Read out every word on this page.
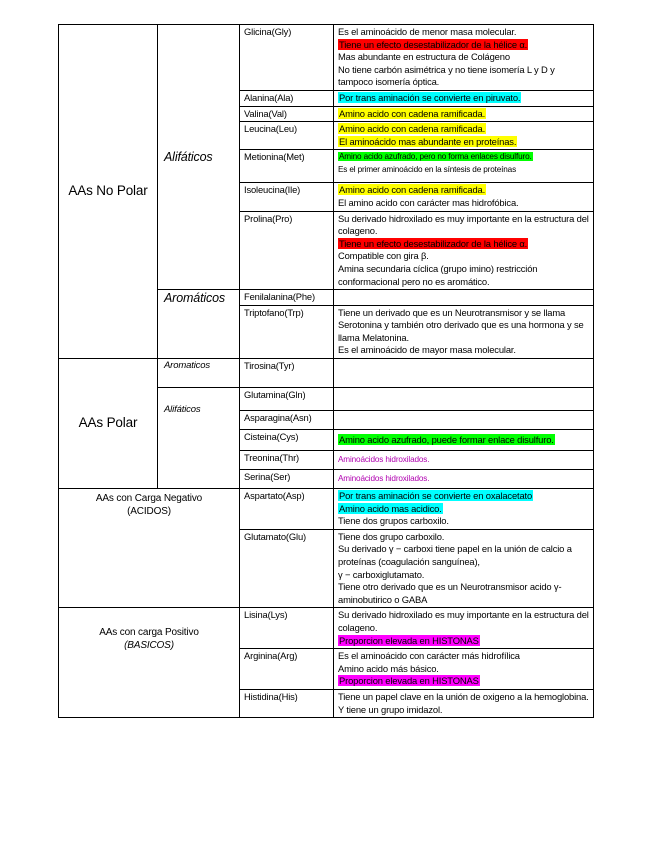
AAs No Polar	Alifáticos	Glicina(Gly)	Es el aminoácido de menor masa molecular.
Tiene un efecto desestabilizador de la hélice α.
Mas abundante en estructura de Colágeno
No tiene carbón asimétrica y no tiene isomería L y D y tampoco isomería óptica.

		Alanina(Ala)	Por trans aminación se convierte en piruvato.

		Valina(Val)	Amino acido con cadena ramificada.

		Leucina(Leu)	Amino acido con cadena ramificada.
El aminoácido mas abundante en proteínas.

		Metionina(Met)	Amino acido azufrado, pero no forma enlaces disulfuro.
Es el primer aminoácido en la síntesis de proteínas

		Isoleucina(Ile)	Amino acido con cadena ramificada.
El amino acido con carácter mas hidrofóbica.

		Prolina(Pro)	Su derivado hidroxilado es muy importante en la estructura del colageno.
Tiene un efecto desestabilizador de la hélice α.
Compatible con gira β.
Amina secundaria cíclica (grupo imino) restricción conformacional pero no es aromático.

	Aromáticos	Fenilalanina(Phe)	
		Triptofano(Trp)	Tiene un derivado que es un Neurotransmisor y se llama Serotonina y también otro derivado que es una hormona y se llama Melatonina.
Es el aminoácido de mayor masa molecular.

AAs Polar	Aromaticos	Tirosina(Tyr)	
	Alifáticos	Glutamina(Gln)	
		Asparagina(Asn)	
		Cisteina(Cys)	Amino acido azufrado, puede formar enlace disulfuro.

		Treonina(Thr)	Aminoácidos hidroxilados.

		Serina(Ser)	Aminoácidos hidroxilados.

AAs con Carga Negativo
(ACIDOS)		Aspartato(Asp)	Por trans aminación se convierte en oxalacetato
Amino acido mas acidico.
Tiene dos grupos carboxilo.

		Glutamato(Glu)	Tiene dos grupo carboxilo.
Su derivado γ − carboxi tiene papel en la unión de calcio a proteínas (coagulación sanguínea),
γ − carboxiglutamato.
Tiene otro derivado que es un Neurotransmisor acido γ-aminobutirico o GABA

AAs con carga Positivo
(BASICOS)		Lisina(Lys)	Su derivado hidroxilado es muy importante en la estructura del colageno.
Proporcion elevada en HISTONAS

		Arginina(Arg)	Es el aminoácido con carácter más hidrofílica
Amino acido más básico.
Proporcion elevada en HISTONAS

		Histidina(His)	Tiene un papel clave en la unión de oxigeno a la hemoglobina. Y tiene un grupo imidazol.
